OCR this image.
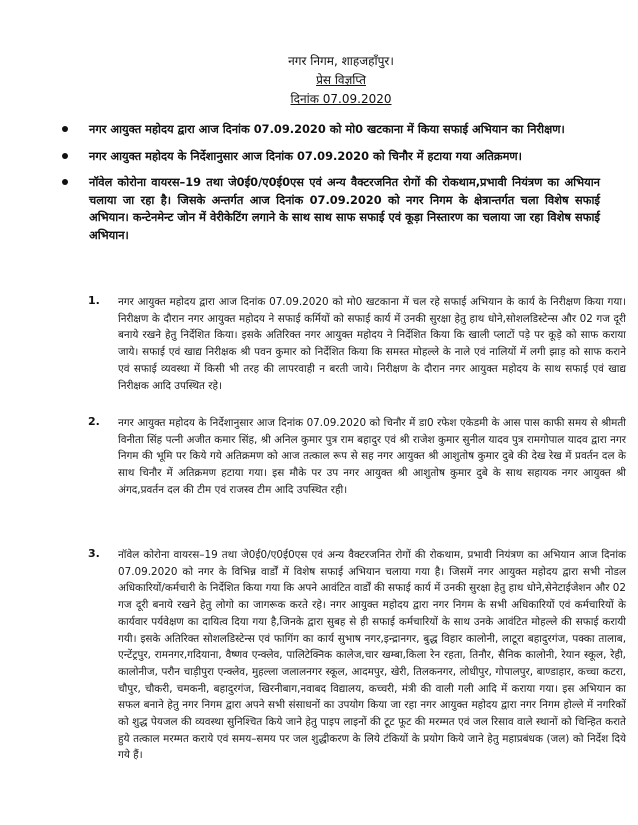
नगर निगम, शाहजहाँपुर।
प्रेस विज्ञप्ति
दिनांक 07.09.2020
नगर आयुक्त महोदय द्वारा आज दिनांक 07.09.2020 को मो0 खटकाना में किया सफाई अभियान का निरीक्षण।
नगर आयुक्त महोदय के निर्देशानुसार आज दिनांक 07.09.2020 को चिनौर में हटाया गया अतिक्रमण।
नॉवेल कोरोना वायरस–19 तथा जे0ई0/ए0ई0एस एवं अन्य वैक्टरजनित रोगों की रोकथाम,प्रभावी नियंत्रण का अभियान चलाया जा रहा है। जिसके अन्तर्गत आज दिनांक 07.09.2020 को नगर निगम के क्षेत्रान्तर्गत चला विशेष सफाई अभियान। कन्टेनमेन्ट जोन में वेरीकेटिंग लगाने के साथ साथ साफ सफाई एवं कूड़ा निस्तारण का चलाया जा रहा विशेष सफाई अभियान।
1. नगर आयुक्त महोदय द्वारा आज दिनांक 07.09.2020 को मो0 खटकाना में चल रहे सफाई अभियान के कार्य के निरीक्षण किया गया। निरीक्षण के दौरान नगर आयुक्त महोदय ने सफाई कर्मियों को सफाई कार्य में उनकी सुरक्षा हेतु हाथ धोने,सोशलडिस्टेन्स और 02 गज दूरी बनाये रखने हेतु निर्देशित किया। इसके अतिरिक्त नगर आयुक्त महोदय ने निर्देशित किया कि खाली प्लाटों पड़े पर कूड़े को साफ कराया जाये। सफाई एवं खाद्य निरीक्षक श्री पवन कुमार को निर्देशित किया कि समस्त मोहल्ले के नाले एवं नालियों में लगी झाड़ को साफ कराने एवं सफाई व्यवस्था में किसी भी तरह की लापरवाही न बरती जाये। निरीक्षण के दौरान नगर आयुक्त महोदय के साथ सफाई एवं खाद्य निरीक्षक आदि उपस्थित रहे।
2. नगर आयुक्त महोदय के निर्देशानुसार आज दिनांक 07.09.2020 को चिनौर में डा0 रफेश एकेडमी के आस पास काफी समय से श्रीमती विनीता सिंह पत्नी अजीत कमार सिंह, श्री अनिल कुमार पुत्र राम बहादुर एवं श्री राजेश कुमार सुनील यादव पुत्र रामगोपाल यादव द्वारा नगर निगम की भूमि पर किये गये अतिक्रमण को आज तत्काल रूप से सह नगर आयुक्त श्री आशुतोष कुमार दुबे की देख रेख में प्रवर्तन दल के साथ चिनौर में अतिक्रमण हटाया गया। इस मौके पर उप नगर आयुक्त श्री आशुतोष कुमार दुबे के साथ सहायक नगर आयुक्त श्री अंगद,प्रवर्तन दल की टीम एवं राजस्व टीम आदि उपस्थित रही।
3. नॉवेल कोरोना वायरस–19 तथा जे0ई0/ए0ई0एस एवं अन्य वैक्टरजनित रोगों की रोकथाम, प्रभावी नियंत्रण का अभियान आज दिनांक 07.09.2020 को नगर के विभिन्न वार्डों में विशेष सफाई अभियान चलाया गया है। जिसमें नगर आयुक्त महोदय द्वारा सभी नोडल अधिकारियों/कर्मचारी के निर्देशित किया गया कि अपने आवंटित वार्डों की सफाई कार्य में उनकी सुरक्षा हेतु हाथ धोने,सेनेटाईजेशन और 02 गज दूरी बनाये रखने हेतु लोगो का जागरूक करते रहे। नगर आयुक्त महोदय द्वारा नगर निगम के सभी अधिकारियों एवं कर्मचारियों के कार्यवार पर्यवेक्षण का दायित्व दिया गया है,जिनके द्वारा सुबह से ही सफाई कर्मचारियों के साथ उनके आवंटित मोहल्ले की सफाई करायी गयी। इसके अतिरिक्त सोशलडिस्टेन्स एवं फागिंग का कार्य सुभाष नगर,इन्द्रानगर, बुद्ध विहार कालोनी, लाटूरा बहादुरगंज, पक्का तालाब, एन्टेंट्रपुर, रामनगर,गदियाना, वैष्णव एन्क्लेव, पालिटेक्निक कालेज,चार खम्बा,किला रेन रहता, तिनौर, सैनिक कालोनी, रेयान स्कूल, रेही, कालोनीज, परौन चाड़ीपुरा एन्क्लेव, मुहल्ला जलालनगर स्कूल, आदमपुर, खेरी, तिलकनगर, लोधीपुर, गोपालपुर, बाण्डाहार, कच्चा कटरा, चौपुर, चौकरी, चमकनी, बहादुरगंज, खिरनीबाग,नवाबद विद्यालय, कच्चरी, मंत्री की वाली गली आदि में कराया गया। इस अभियान का सफल बनाने हेतु नगर निगम द्वारा अपने सभी संसाधनों का उपयोग किया जा रहा नगर आयुक्त महोदय द्वारा नगर निगम होल्ले में नगरिकों को शुद्ध पेयजल की व्यवस्था सुनिश्चित किये जाने हेतु पाइप लाइनों की टूट फूट की मरम्मत एवं जल रिसाव वाले स्थानों को चिन्हित कराते हुये तत्काल मरम्मत कराये एवं समय–समय पर जल शुद्धीकरण के लिये टंकियों के प्रयोग किये जाने हेतु महाप्रबंधक (जल) को निर्देश दिये गये हैं।
